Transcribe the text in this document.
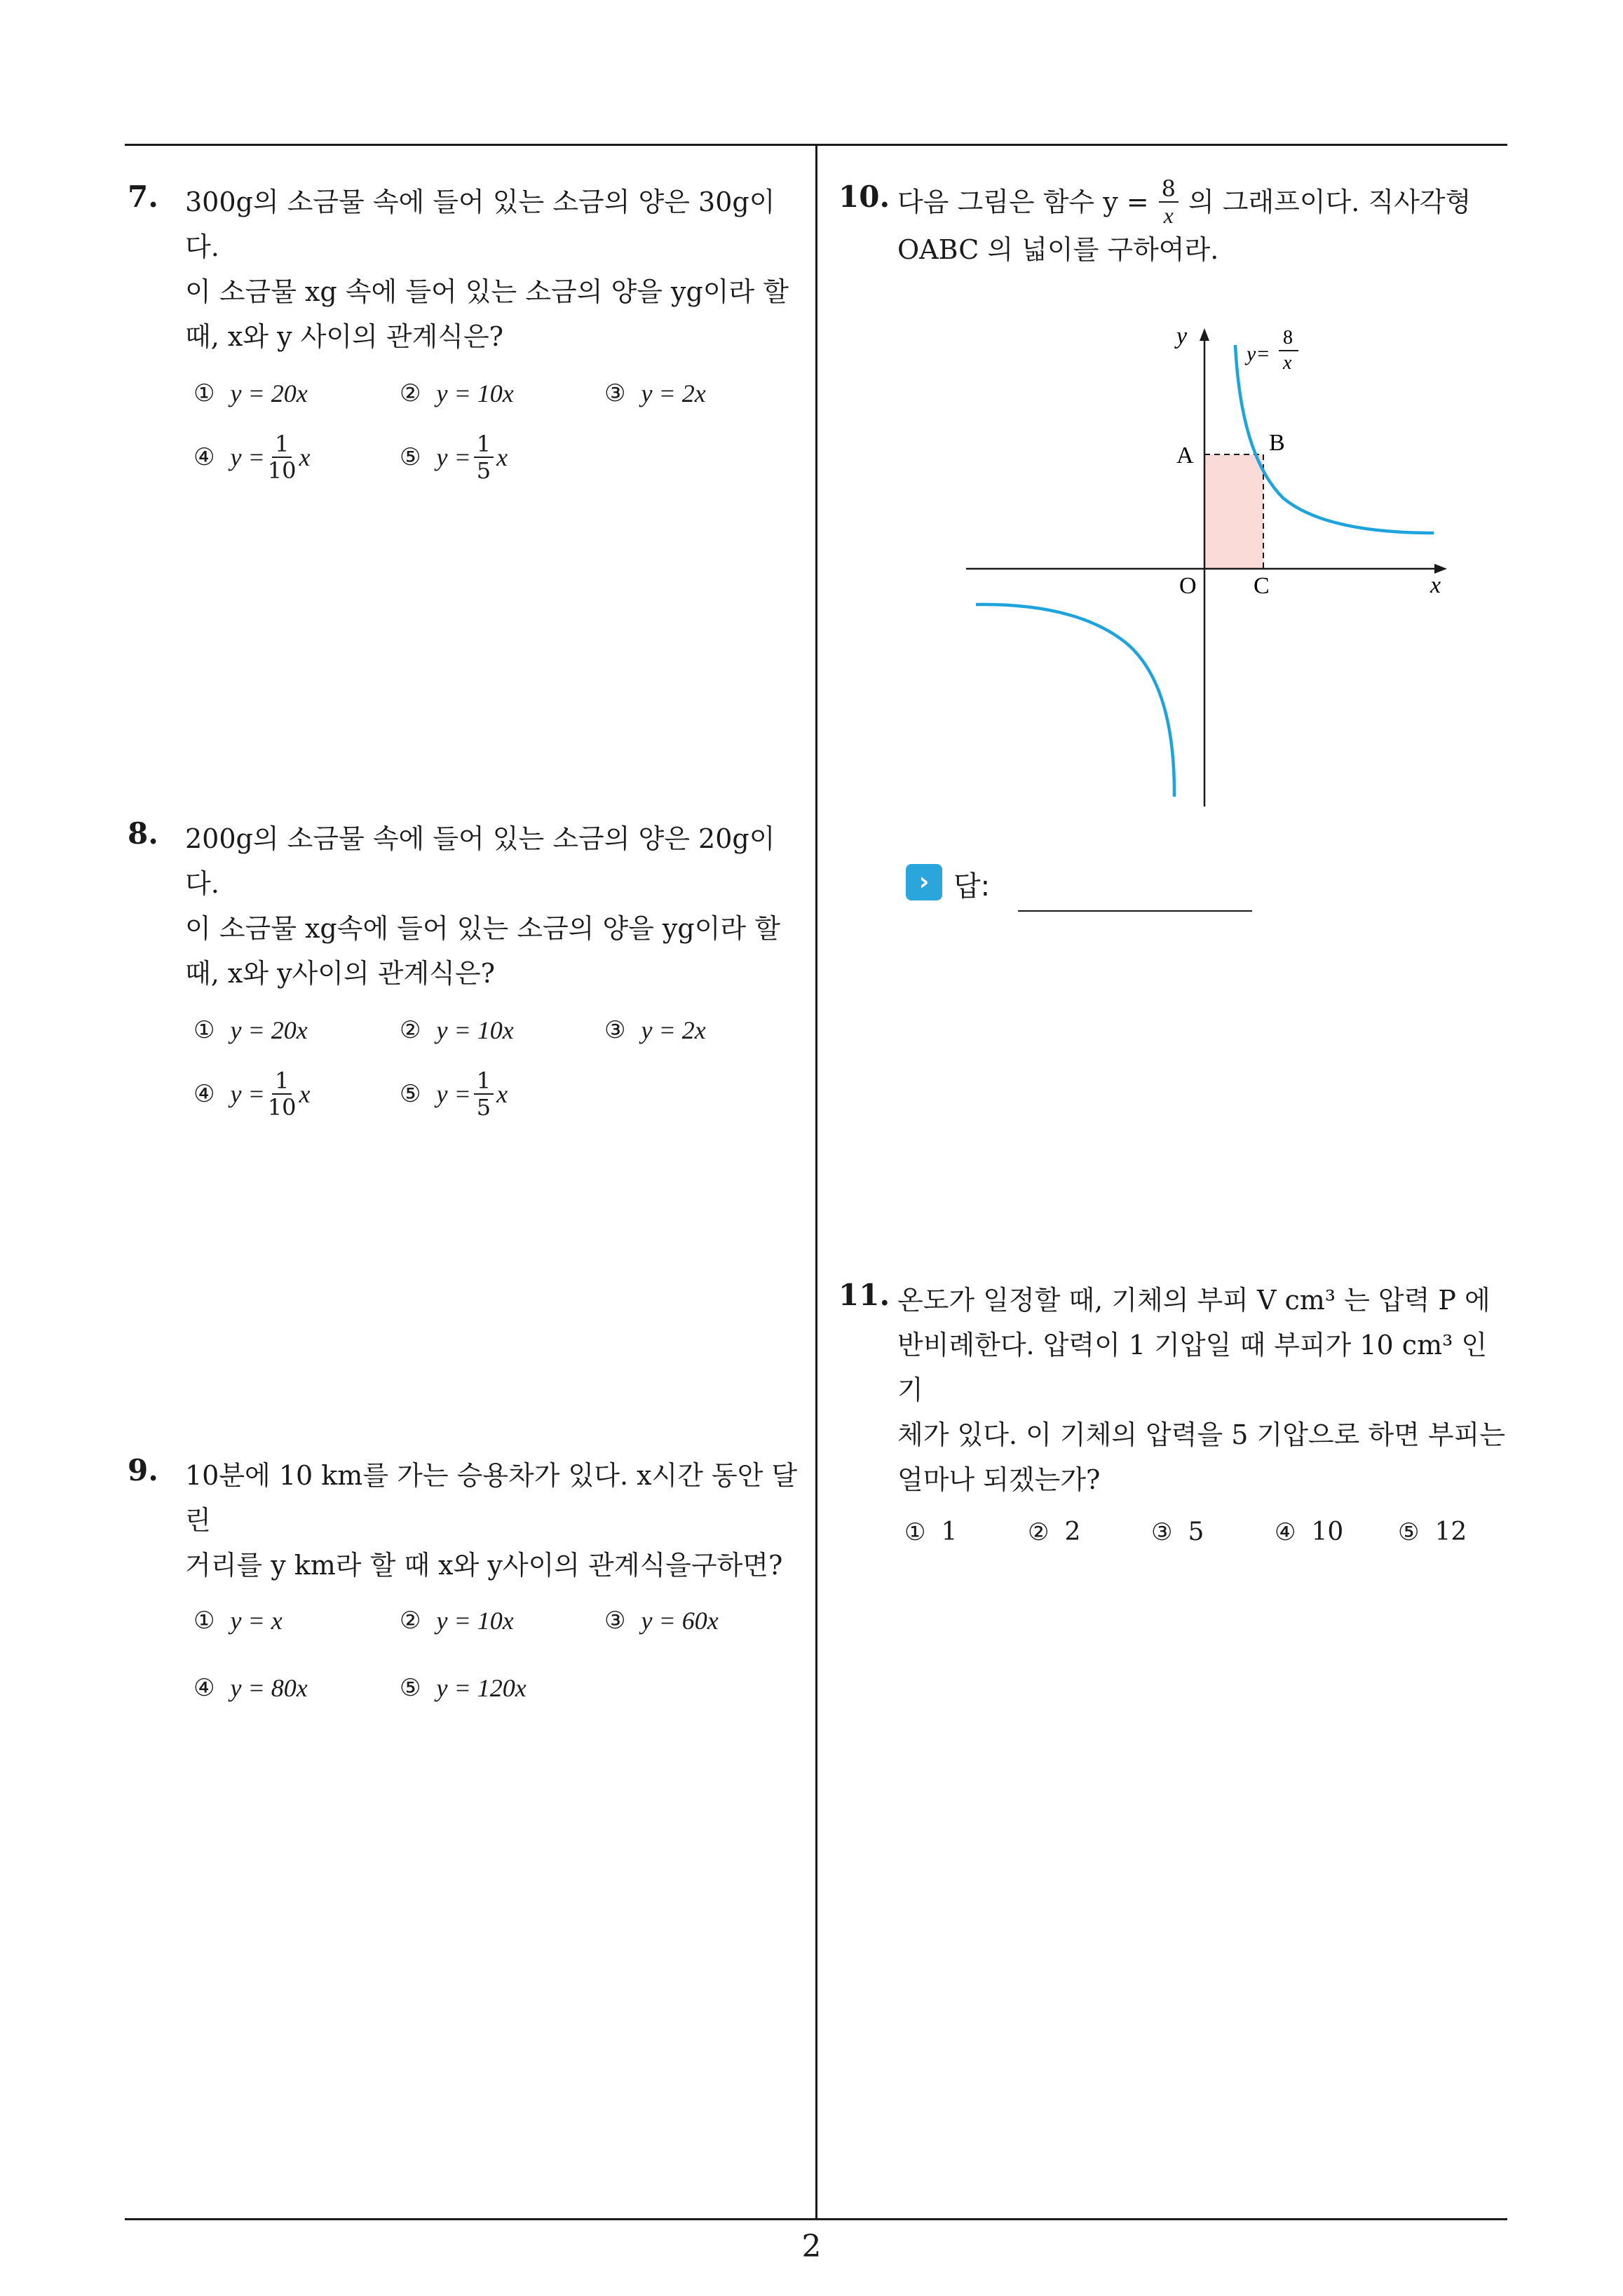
7. 300g의 소금물 속에 들어 있는 소금의 양은 30g이다.
이 소금물 xg 속에 들어 있는 소금의 양을 yg이라 할
때, x와 y 사이의 관계식은?
① y = 20x	② y = 10x	③ y = 2x
④ $y = \frac{1}{10}$ x	⑤ $y = \frac{1}{5}$ x
8. 200g의 소금물 속에 들어 있는 소금의 양은 20g이다.
이 소금물 xg속에 들어 있는 소금의 양을 yg이라 할
때, x와 y사이의 관계식은?
① y = 20x	② y = 10x	③ y = 2x
④ $y = \frac{1}{10}$ x	⑤ $y = \frac{1}{5}$ x
9. 10분에 10 km를 가는 승용차가 있다. x시간 동안 달린
거리를 y km라 할 때 x와 y사이의 관계식을구하면?
① y = x	② y = 10x	③ y = 60x
④ y = 80x	⑤ y = 120x
10. 다음 그림은 함수 $y = \frac{8}{x}$ 의 그래프이다. 직사각형
OABC 의 넓이를 구하여라.
y
x
A	B
C
O
y=
8
x
› 답:
11. 온도가 일정할 때, 기체의 부피 V cm³ 는 압력 P 에
반비례한다. 압력이 1 기압일 때 부피가 10 cm³ 인 기
체가 있다. 이 기체의 압력을 5 기압으로 하면 부피는
얼마나 되겠는가?
① 1	② 2	③ 5	④ 10 ⑤ 12
2
